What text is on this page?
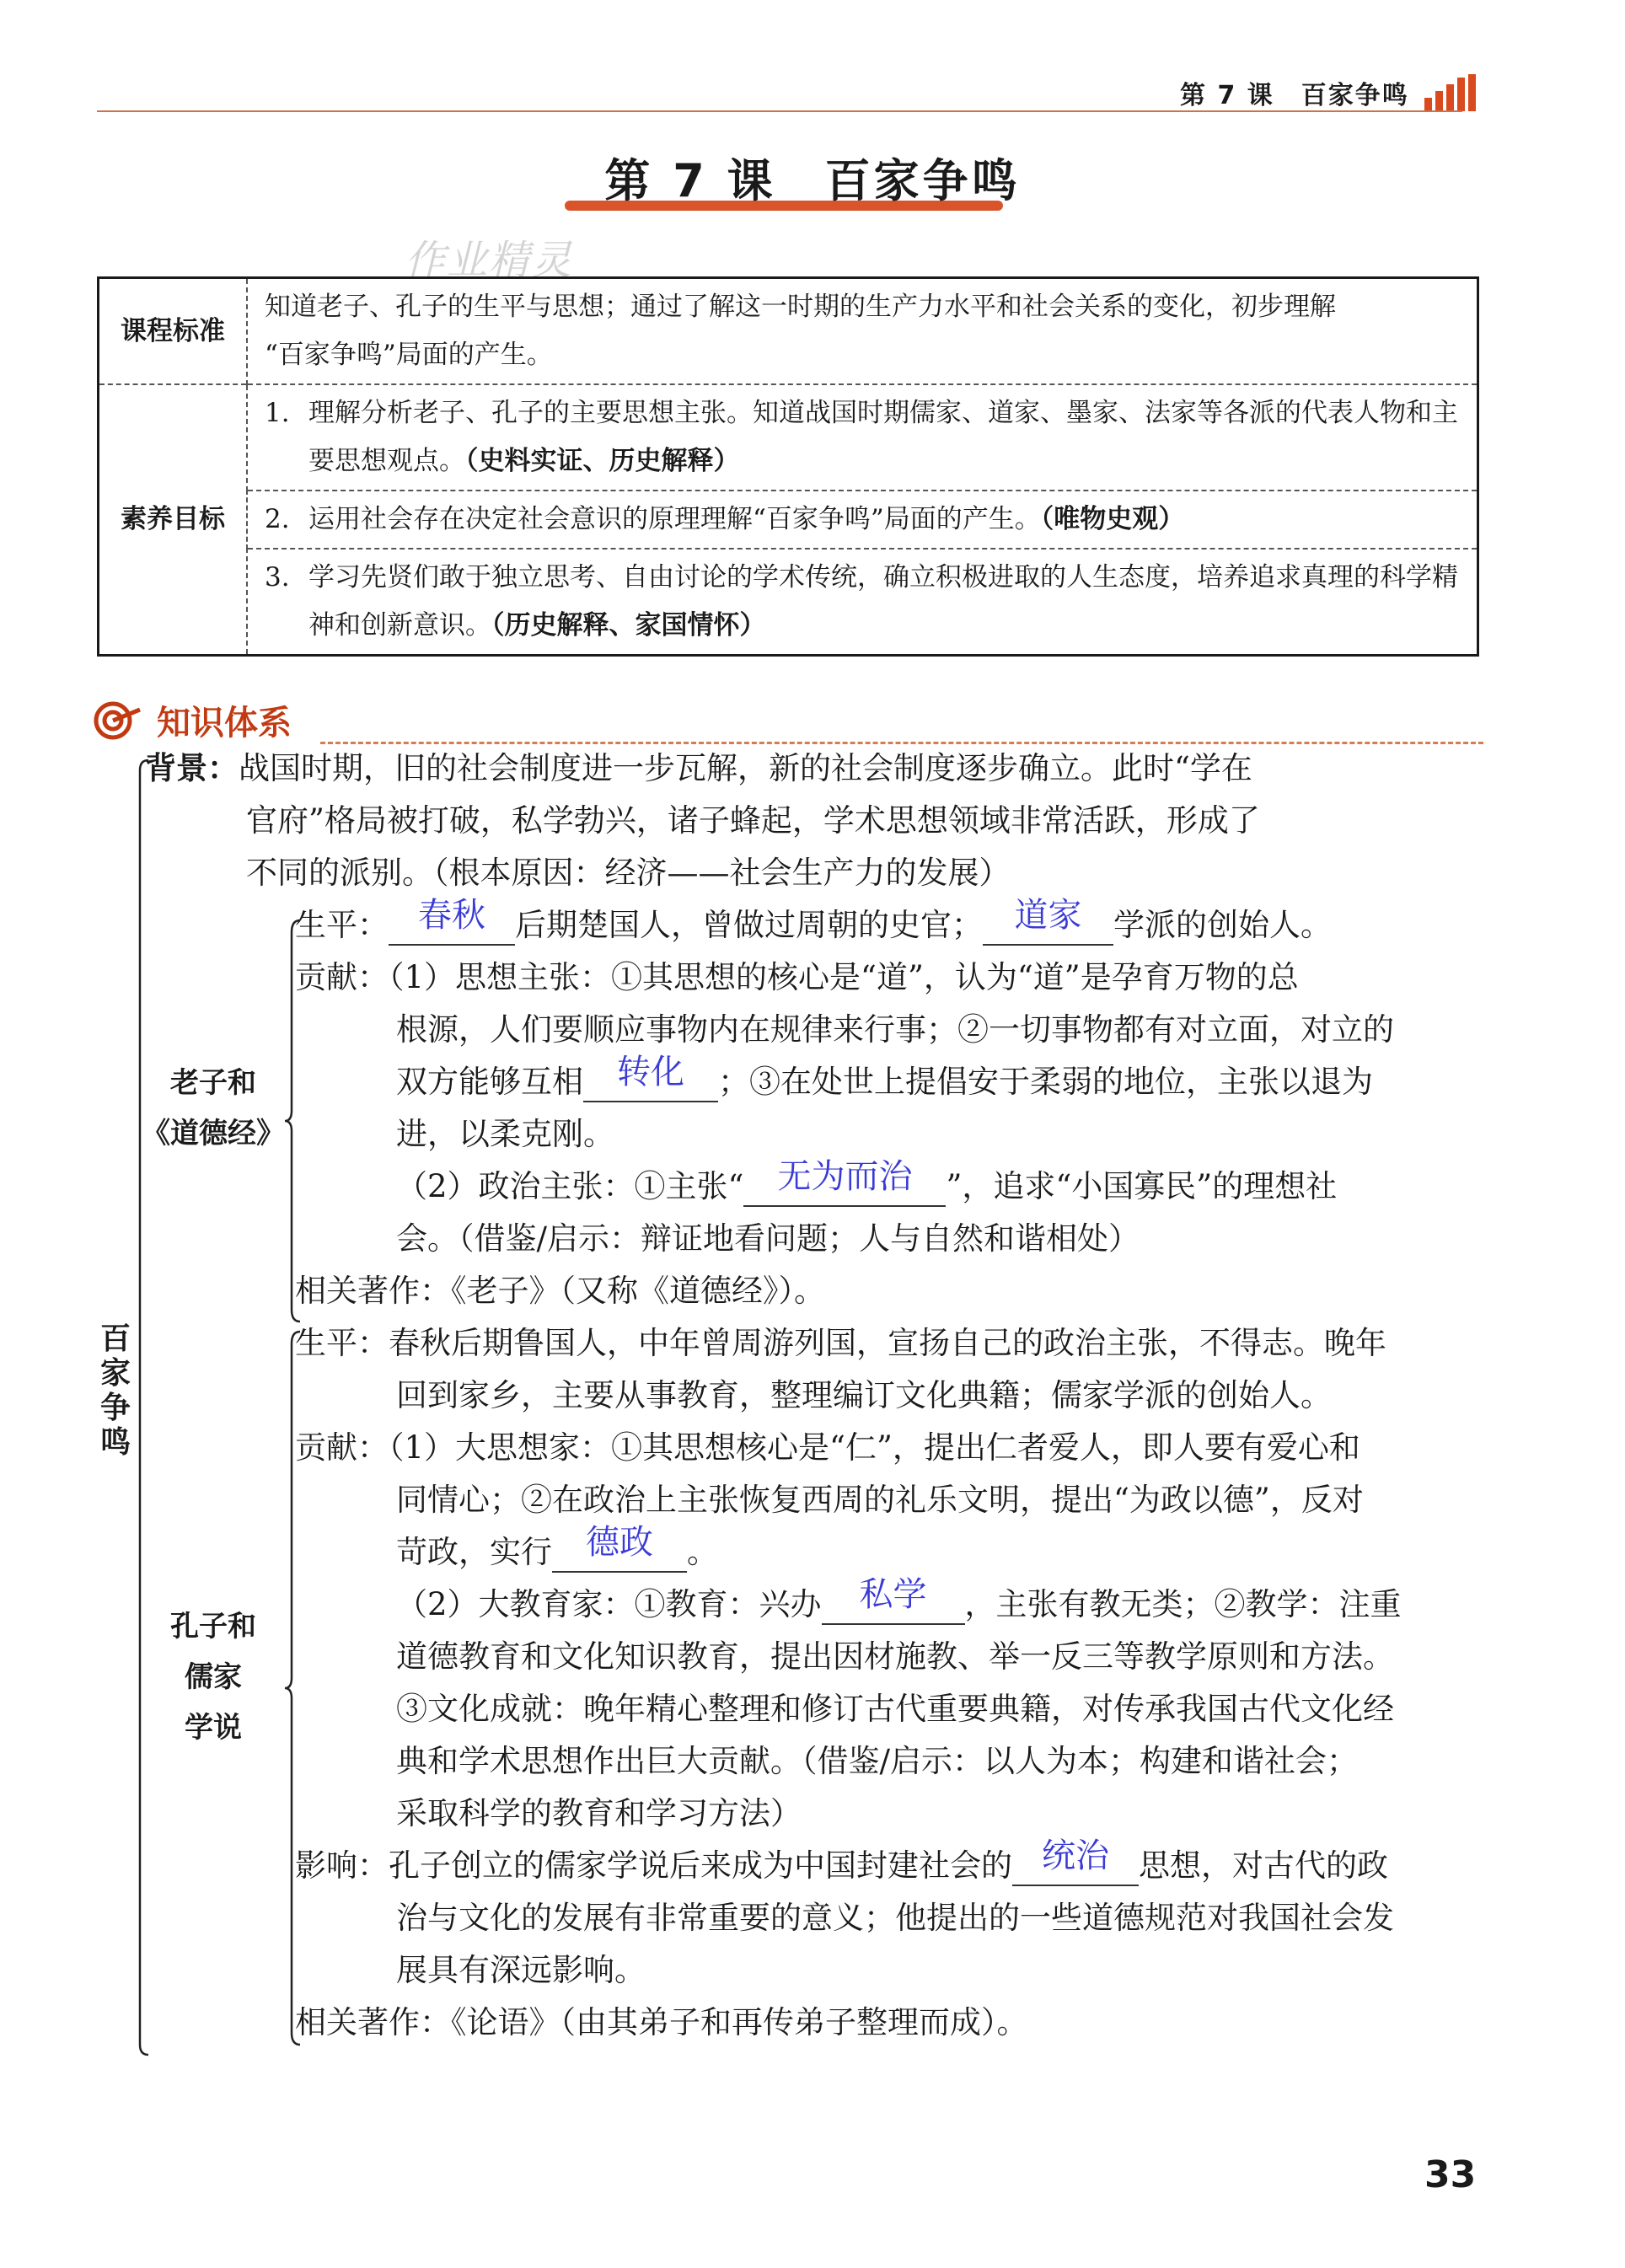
第 7 课　百家争鸣
第 7 课　百家争鸣
作业精灵
课程标准	知道老子、孔子的生平与思想；通过了解这一时期的生产力水平和社会关系的变化，初步理解
“百家争鸣”局面的产生。

素养目标	1. 理解分析老子、孔子的主要思想主张。知道战国时期儒家、道家、墨家、法家等各派的代表人物和主要思想观点。（史料实证、历史解释）

	2. 运用社会存在决定社会意识的原理理解“百家争鸣”局面的产生。（唯物史观）

	3. 学习先贤们敢于独立思考、自由讨论的学术传统，确立积极进取的人生态度，培养追求真理的科学精神和创新意识。（历史解释、家国情怀）
知识体系
百
家
争
鸣
老子和
《道德经》
孔子和
儒家
学说
背景：战国时期，旧的社会制度进一步瓦解，新的社会制度逐步确立。此时“学在
官府”格局被打破，私学勃兴，诸子蜂起，学术思想领域非常活跃，形成了
不同的派别。（根本原因：经济——社会生产力的发展）
生平： 春秋 后期楚国人，曾做过周朝的史官； 道家 学派的创始人。
贡献：（1）思想主张：①其思想的核心是“道”，认为“道”是孕育万物的总
根源，人们要顺应事物内在规律来行事；②一切事物都有对立面，对立的
双方能够互相 转化 ；③在处世上提倡安于柔弱的地位，主张以退为
进，以柔克刚。
（2）政治主张：①主张“ 无为而治 ”，追求“小国寡民”的理想社
会。（借鉴/启示：辩证地看问题；人与自然和谐相处）
相关著作：《老子》（又称《道德经》）。
生平：春秋后期鲁国人，中年曾周游列国，宣扬自己的政治主张，不得志。晚年
回到家乡，主要从事教育，整理编订文化典籍；儒家学派的创始人。
贡献：（1）大思想家：①其思想核心是“仁”，提出仁者爱人，即人要有爱心和
同情心；②在政治上主张恢复西周的礼乐文明，提出“为政以德”，反对
苛政，实行 德政 。
（2）大教育家：①教育：兴办 私学 ，主张有教无类；②教学：注重
道德教育和文化知识教育，提出因材施教、举一反三等教学原则和方法。
③文化成就：晚年精心整理和修订古代重要典籍，对传承我国古代文化经
典和学术思想作出巨大贡献。（借鉴/启示：以人为本；构建和谐社会；
采取科学的教育和学习方法）
影响：孔子创立的儒家学说后来成为中国封建社会的 统治 思想，对古代的政
治与文化的发展有非常重要的意义；他提出的一些道德规范对我国社会发
展具有深远影响。
相关著作：《论语》（由其弟子和再传弟子整理而成）。
33
